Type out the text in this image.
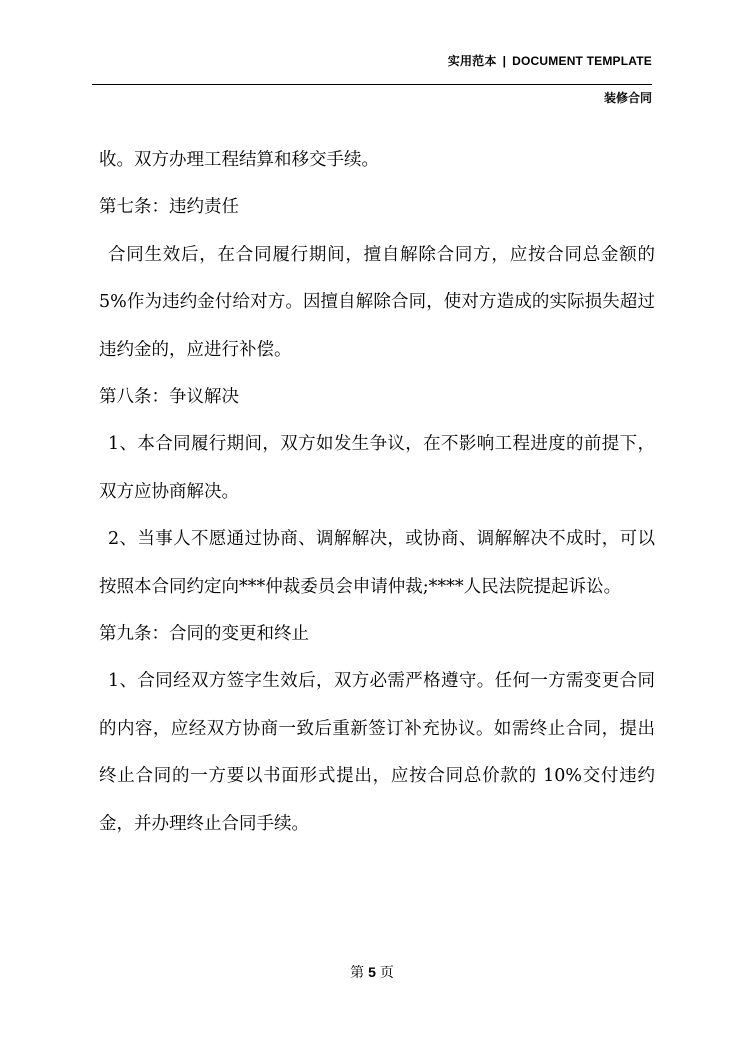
实用范本 | DOCUMENT TEMPLATE
装修合同

收。双方办理工程结算和移交手续。

第七条：违约责任

合同生效后，在合同履行期间，擅自解除合同方，应按合同总金额的 5%作为违约金付给对方。因擅自解除合同，使对方造成的实际损失超过违约金的，应进行补偿。

第八条：争议解决

1、本合同履行期间，双方如发生争议，在不影响工程进度的前提下，双方应协商解决。

2、当事人不愿通过协商、调解解决，或协商、调解解决不成时，可以按照本合同约定向***仲裁委员会申请仲裁;****人民法院提起诉讼。

第九条：合同的变更和终止

1、合同经双方签字生效后，双方必需严格遵守。任何一方需变更合同的内容，应经双方协商一致后重新签订补充协议。如需终止合同，提出终止合同的一方要以书面形式提出，应按合同总价款的 10%交付违约金，并办理终止合同手续。

第 5 页
